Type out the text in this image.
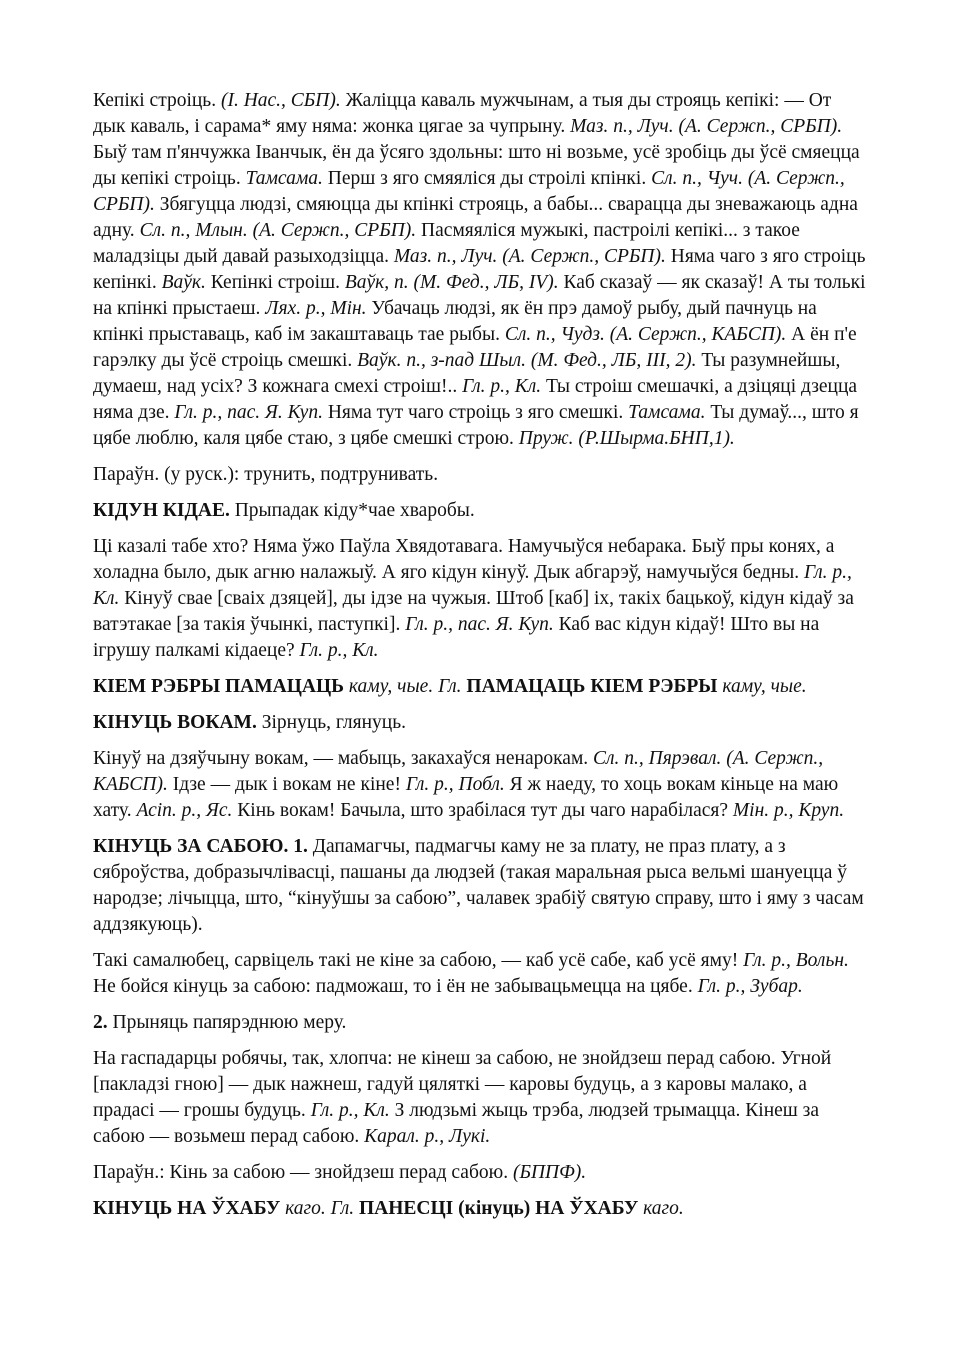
Кепікі строіць. (І. Нас., СБП). Жаліцца каваль мужчынам, а тыя ды строяць кепікі: — От дык каваль, і сарама* яму няма: жонка цягае за чупрыну. Маз. п., Луч. (А. Сержп., СРБП). Быў там п'янчужка Іванчык, ён да ўсяго здольны: што ні возьме, усё зробіць ды ўсё смяецца ды кепікі строіць. Тамсама. Перш з яго смяяліся ды строілі кпінкі. Сл. п., Чуч. (А. Сержп., СРБП). Збягуцца людзі, смяюцца ды кпінкі строяць, а бабы... сварацца ды зневажаюць адна адну. Сл. п., Млын. (А. Сержп., СРБП). Пасмяяліся мужыкі, пастроілі кепікі... з такое маладзіцы дый давай разыходзіцца. Маз. п., Луч. (А. Сержп., СРБП). Няма чаго з яго строіць кепінкі. Ваўк. Кепінкі строіш. Ваўк, п. (М. Фед., ЛБ, IV). Каб сказаў — як сказаў! А ты толькі на кпінкі прыстаеш. Лях. р., Мін. Убачаць людзі, як ён прэ дамоў рыбу, дый пачнуць на кпінкі прыставаць, каб ім закаштаваць тае рыбы. Сл. п., Чудз. (А. Сержп., КАБСП). А ён п'е гарэлку ды ўсё строіць смешкі. Ваўк. п., з-пад Шыл. (М. Фед., ЛБ, III, 2). Ты разумнейшы, думаеш, над усіх? З кожнага смехі строіш!.. Гл. р., Кл. Ты строіш смешачкі, а дзіцяці дзецца няма дзе. Гл. р., пас. Я. Куп. Няма тут чаго строіць з яго смешкі. Тамсама. Ты думаў..., што я цябе люблю, каля цябе стаю, з цябе смешкі строю. Пруж. (Р.Шырма.БНП,1).

Параўн. (у руск.): трунить, подтрунивать.

КІДУН КІДАЕ. Прыпадак кіду*чае хваробы.

Ці казалі табе хто? Няма ўжо Паўла Хвядотавага. Намучыўся небарака. Быў пры конях, а холадна было, дык агню налажыў. А яго кідун кінуў. Дык абгарэў, намучыўся бедны. Гл. р., Кл. Кінуў свае [сваіх дзяцей], ды ідзе на чужыя. Штоб [каб] іх, такіх бацькоў, кідун кідаў за ватэтакае [за такія ўчынкі, паступкі]. Гл. р., пас. Я. Куп. Каб вас кідун кідаў! Што вы на ігрушу палкамі кідаеце? Гл. р., Кл.

КІЕМ РЭБРЫ ПАМАЦАЦЬ каму, чые. Гл. ПАМАЦАЦЬ КІЕМ РЭБРЫ каму, чые.

КІНУЦЬ ВОКАМ. Зірнуць, глянуць.

Кінуў на дзяўчыну вокам, — мабыць, закахаўся ненарокам. Сл. п., Пярэвал. (А. Сержп., КАБСП). Ідзе — дык і вокам не кіне! Гл. р., Побл. Я ж наеду, то хоць вокам кіньце на маю хату. Асіп. р., Яс. Кінь вокам! Бачыла, што зрабілася тут ды чаго нарабілася? Мін. р., Круп.

КІНУЦЬ ЗА САБОЮ. 1. Дапамагчы, падмагчы каму не за плату, не праз плату, а з сяброўства, добразычлівасці, пашаны да людзей (такая маральная рыса вельмі шануецца ў народзе; лічыцца, што, “кінуўшы за сабою”, чалавек зрабіў святую справу, што і яму з часам аддзякуюць).

Такі самалюбец, сарвіцель такі не кіне за сабою, — каб усё сабе, каб усё яму! Гл. р., Вольн. Не бойся кінуць за сабою: падможаш, то і ён не забывацьмецца на цябе. Гл. р., Зубар.

2. Прыняць папярэднюю меру.

На гаспадарцы робячы, так, хлопча: не кінеш за сабою, не знойдзеш перад сабою. Угной [пакладзі гною] — дык нажнеш, гадуй цяляткі — каровы будуць, а з каровы малако, а прадасі — грошы будуць. Гл. р., Кл. З людзьмі жыць трэба, людзей трымацца. Кінеш за сабою — возьмеш перад сабою. Карал. р., Лукі.

Параўн.: Кінь за сабою — знойдзеш перад сабою. (БППФ).

КІНУЦЬ НА ЎХАБУ каго. Гл. ПАНЕСЦІ (кінуць) НА ЎХАБУ каго.
